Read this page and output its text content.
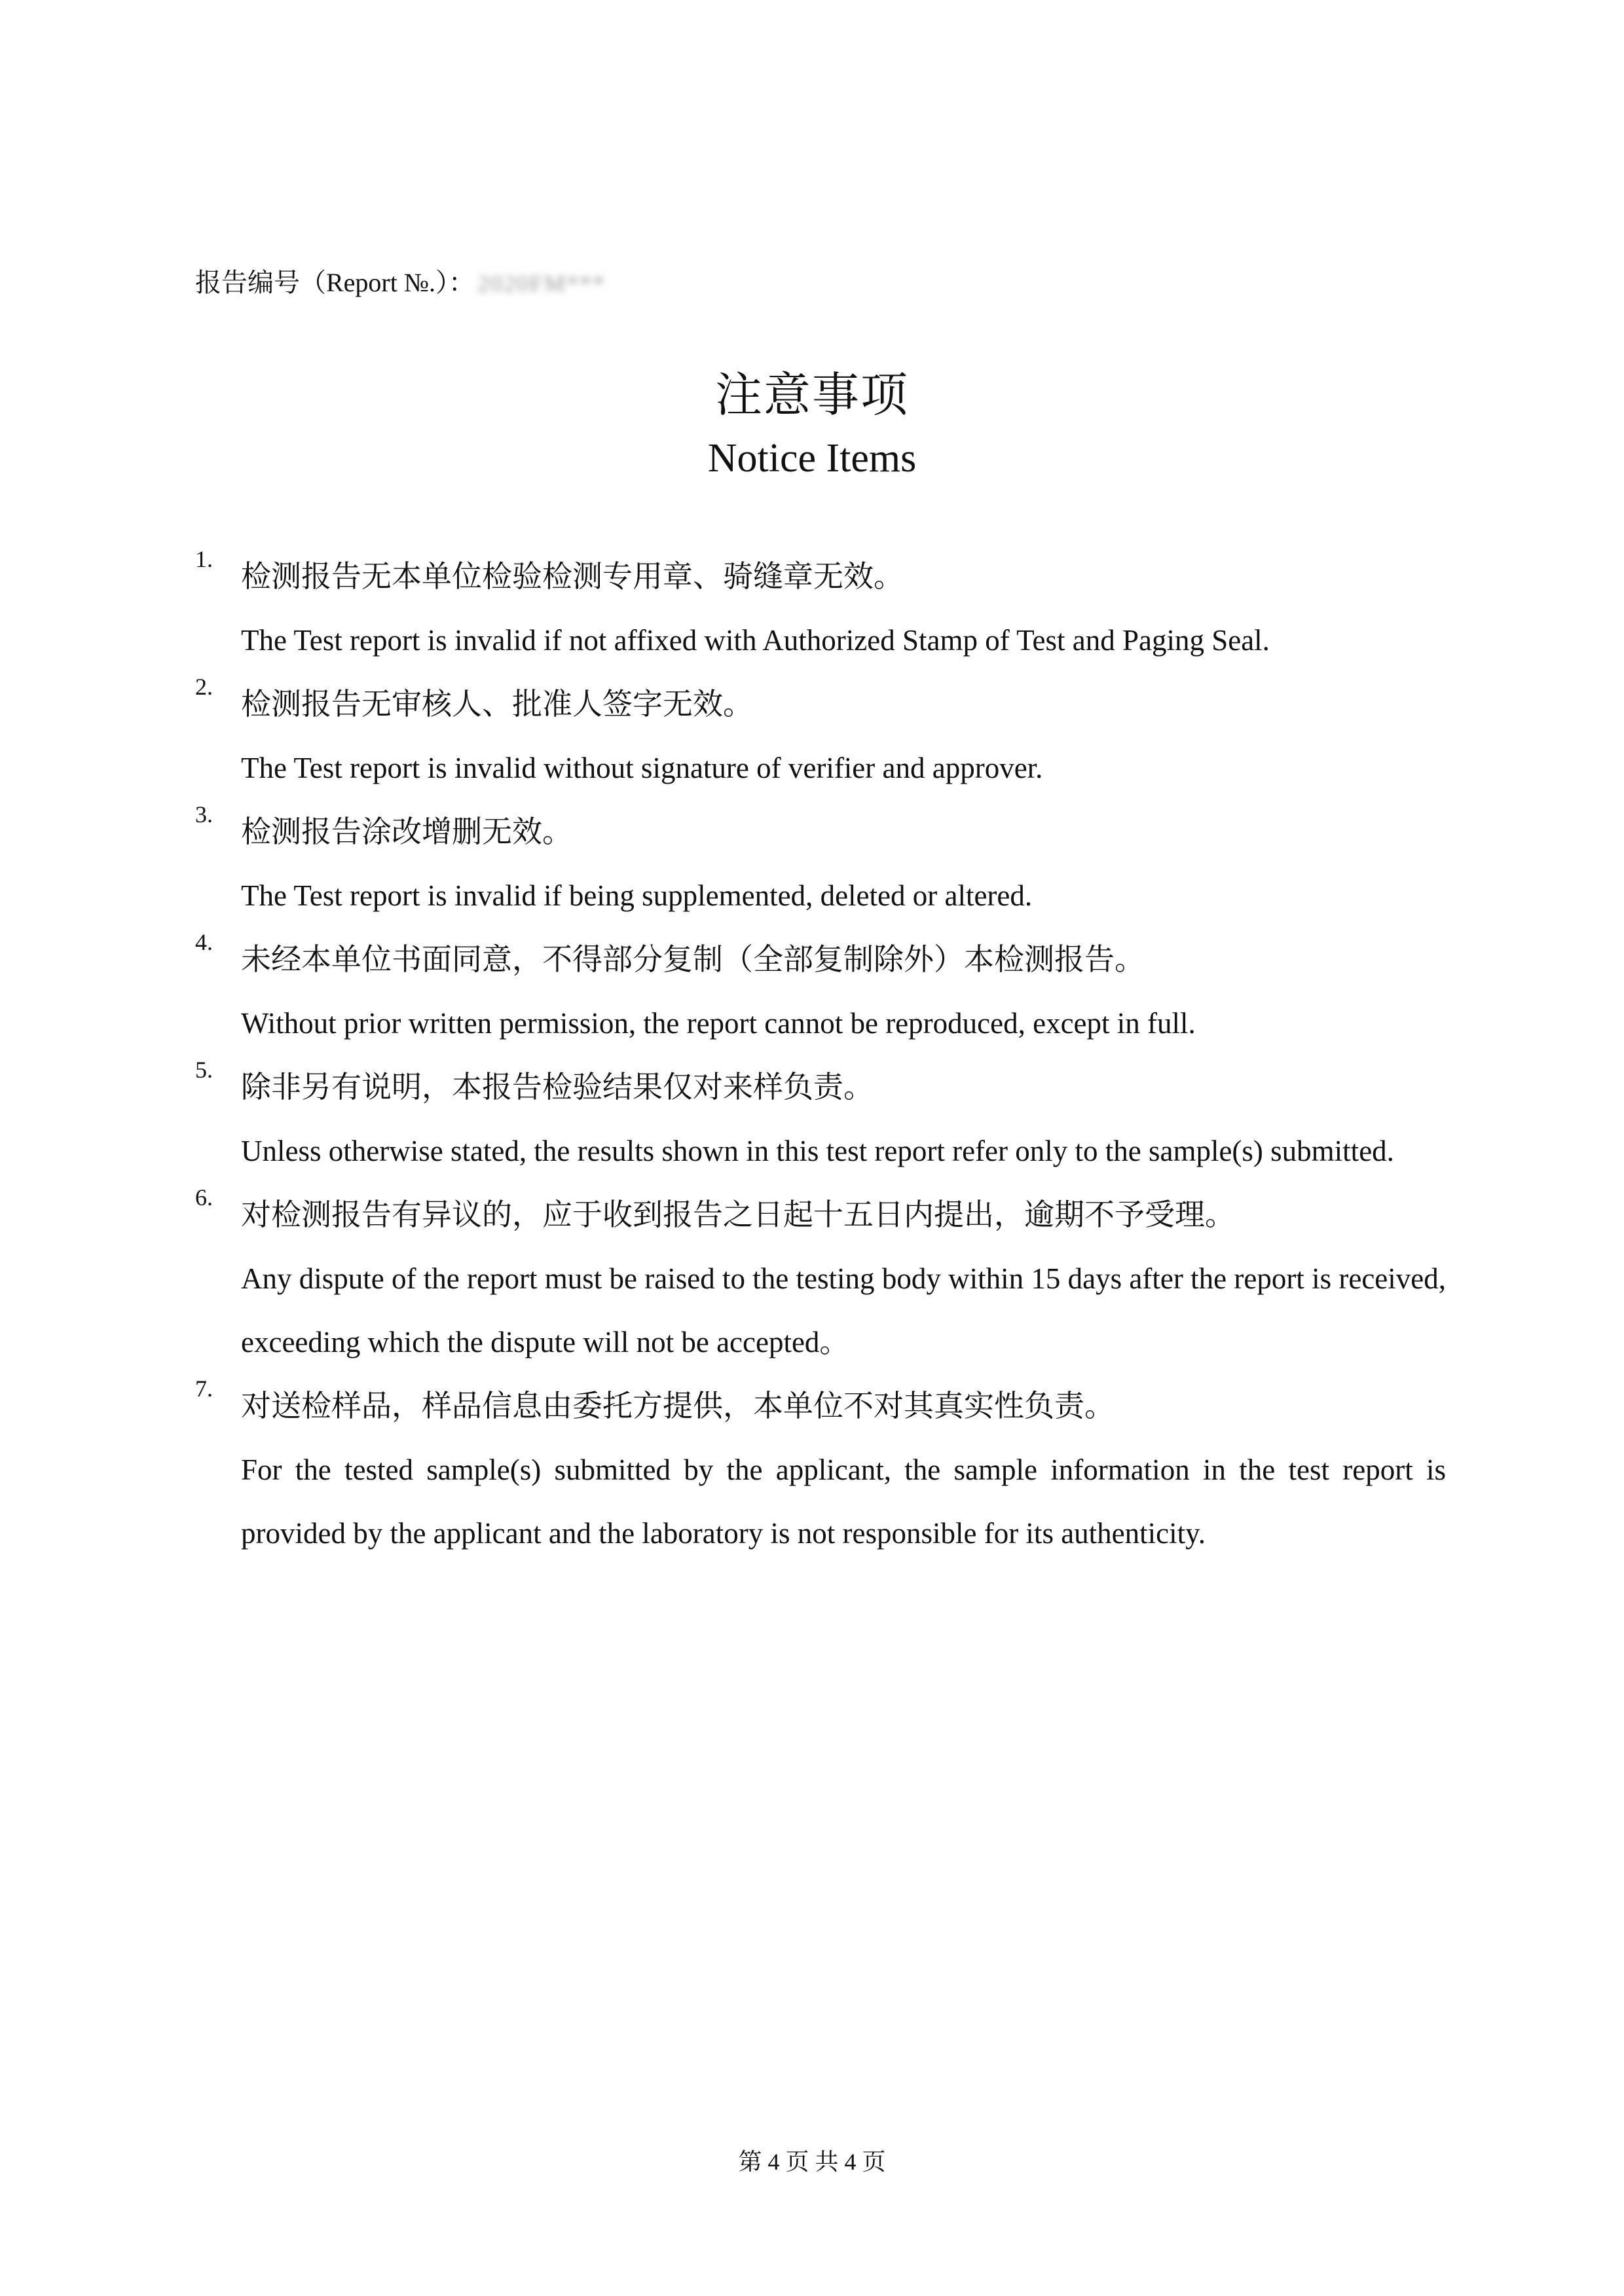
报告编号（Report №.）： 2020FM***
注意事项
Notice Items
1.
检测报告无本单位检验检测专用章、骑缝章无效。
The Test report is invalid if not affixed with Authorized Stamp of Test and Paging Seal.
2.
检测报告无审核人、批准人签字无效。
The Test report is invalid without signature of verifier and approver.
3.
检测报告涂改增删无效。
The Test report is invalid if being supplemented, deleted or altered.
4.
未经本单位书面同意，不得部分复制（全部复制除外）本检测报告。
Without prior written permission, the report cannot be reproduced, except in full.
5.
除非另有说明，本报告检验结果仅对来样负责。
Unless otherwise stated, the results shown in this test report refer only to the sample(s) submitted.
6.
对检测报告有异议的，应于收到报告之日起十五日内提出，逾期不予受理。
Any dispute of the report must be raised to the testing body within 15 days after the report is received, exceeding which the dispute will not be accepted。
7.
对送检样品，样品信息由委托方提供，本单位不对其真实性负责。
For the tested sample(s) submitted by the applicant, the sample information in the test report is provided by the applicant and the laboratory is not responsible for its authenticity.
第 4 页 共 4 页
